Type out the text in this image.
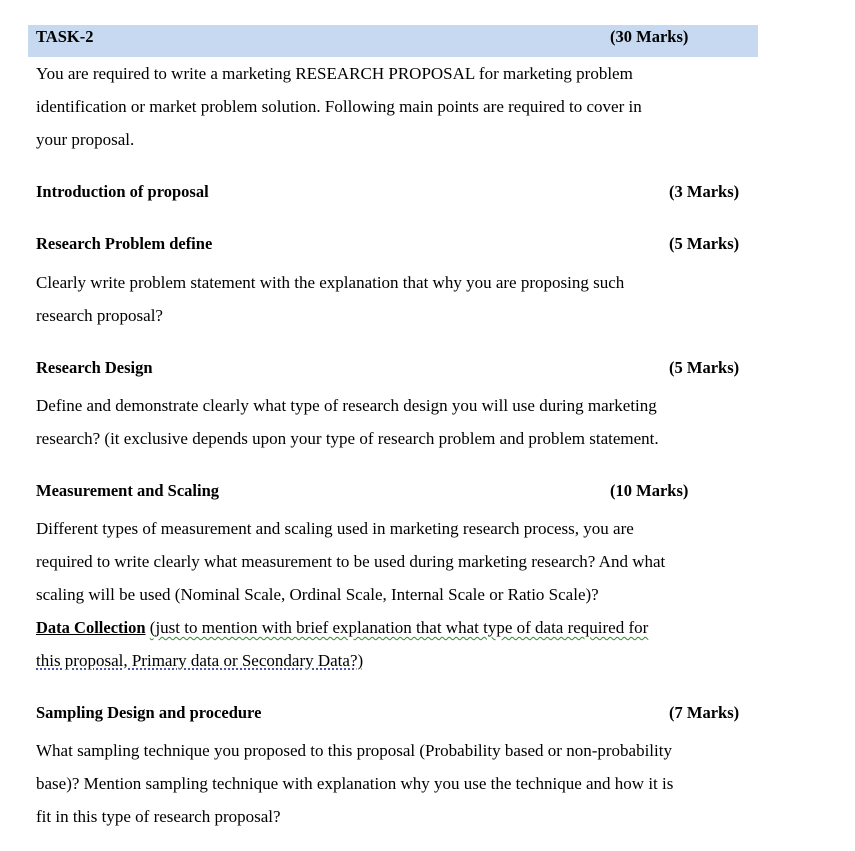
TASK-2	(30 Marks)
You are required to write a marketing RESEARCH PROPOSAL for marketing problem
identification or market problem solution. Following main points are required to cover in
your proposal.
Introduction of proposal	(3 Marks)
Research Problem define	(5 Marks)
Clearly write problem statement with the explanation that why you are proposing such
research proposal?
Research Design	(5 Marks)
Define and demonstrate clearly what type of research design you will use during marketing
research? (it exclusive depends upon your type of research problem and problem statement.
Measurement and Scaling	(10 Marks)
Different types of measurement and scaling used in marketing research process, you are
required to write clearly what measurement to be used during marketing research? And what
scaling will be used (Nominal Scale, Ordinal Scale, Internal Scale or Ratio Scale)?
Data Collection (just to mention with brief explanation that what type of data required for
this proposal, Primary data or Secondary Data?)
Sampling Design and procedure	(7 Marks)
What sampling technique you proposed to this proposal (Probability based or non-probability
base)? Mention sampling technique with explanation why you use the technique and how it is
fit in this type of research proposal?
